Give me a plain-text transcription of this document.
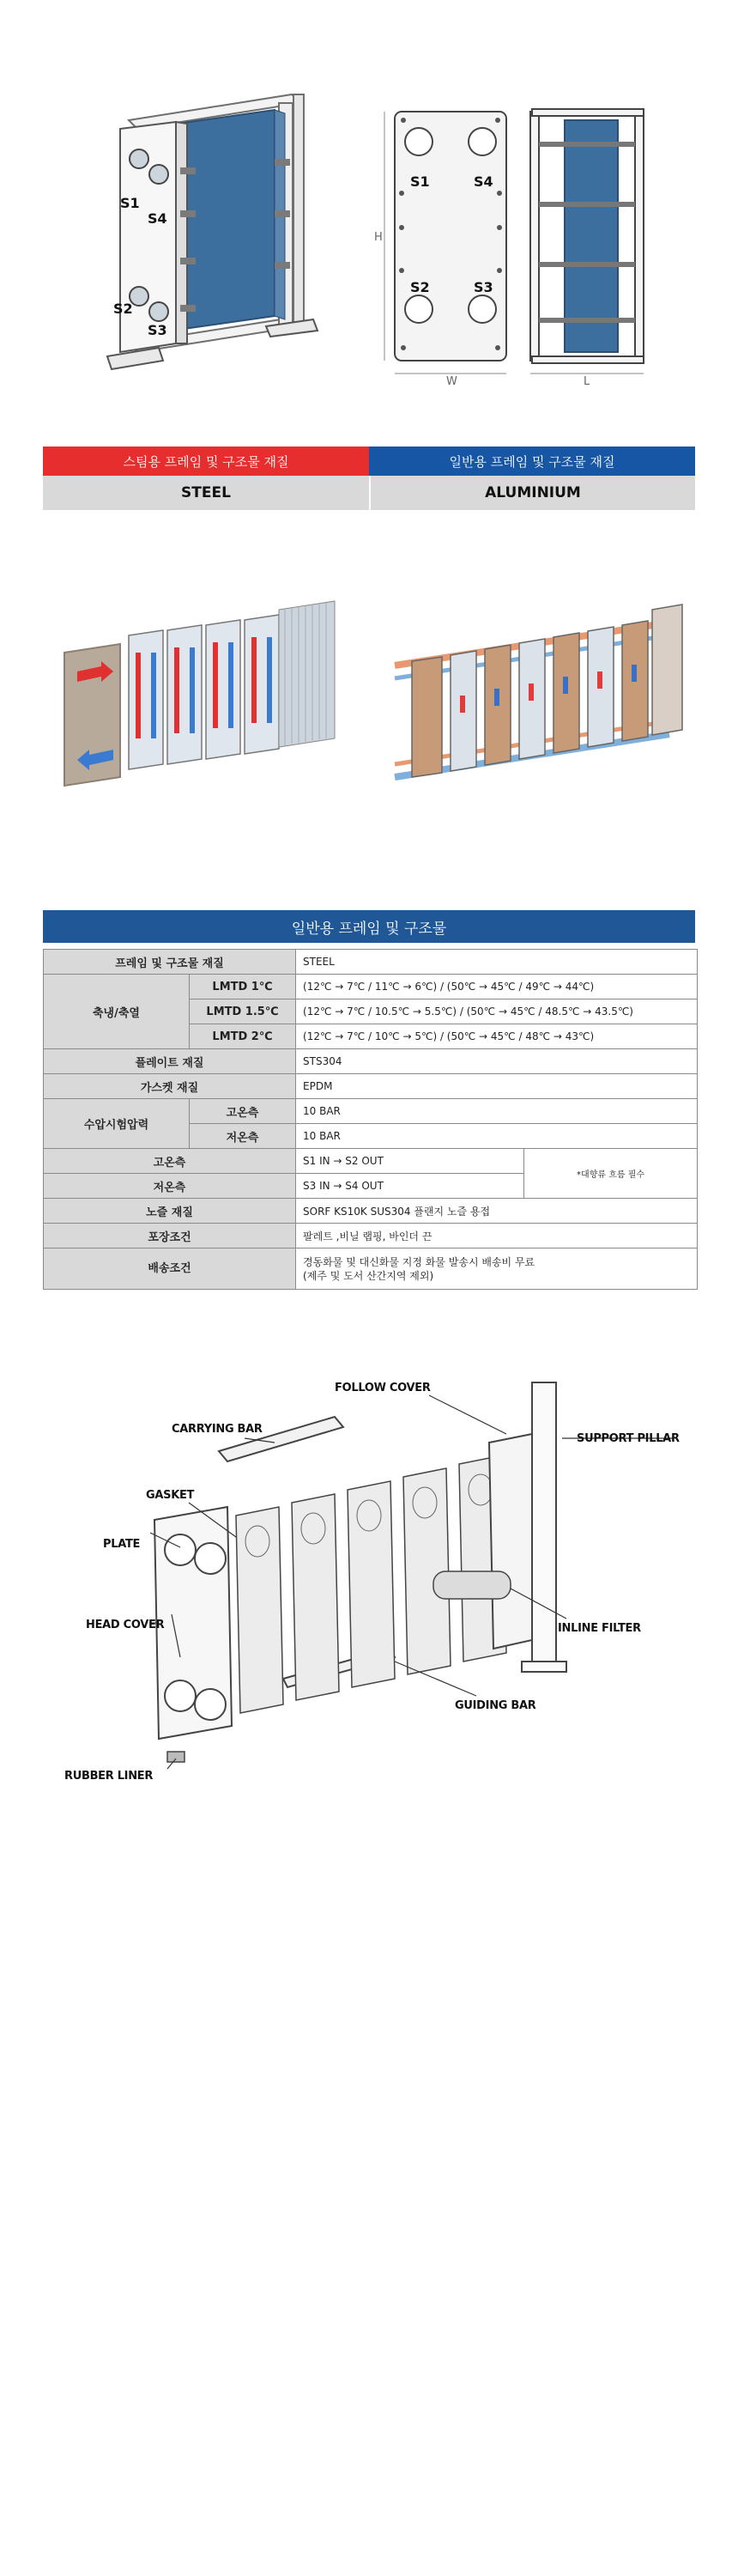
S1
S4
S2
S3
S1	S4
S2	S3
H
W	L
스팀용 프레임 및 구조물 재질	일반용 프레임 및 구조물 재질
STEEL	ALUMINIUM
일반용 프레임 및 구조물
프레임 및 구조물 재질		STEEL	
축냉/축열	LMTD 1℃	(12℃ → 7℃ / 11℃ → 6℃) / (50℃ → 45℃ / 49℃ → 44℃)	
	LMTD 1.5℃	(12℃ → 7℃ / 10.5℃ → 5.5℃) / (50℃ → 45℃ / 48.5℃ → 43.5℃)	
	LMTD 2℃	(12℃ → 7℃ / 10℃ → 5℃) / (50℃ → 45℃ / 48℃ → 43℃)	
플레이트 재질		STS304	
가스켓 재질		EPDM	
수압시험압력	고온측	10 BAR	
	저온측	10 BAR	
고온측		S1 IN → S2 OUT	*대향류 흐름 필수
저온측		S3 IN → S4 OUT	
노즐 재질		SORF KS10K SUS304 플랜지 노즐 용접	
포장조건		팔레트 ,비닐 랩핑, 바인더 끈	
배송조건		경동화물 및 대신화물 지정 화물 발송시 배송비 무료
(제주 및 도서 산간지역 제외)	
FOLLOW COVER
CARRYING BAR
SUPPORT PILLAR
GASKET
PLATE
HEAD COVER	INLINE FILTER
GUIDING BAR
RUBBER LINER
